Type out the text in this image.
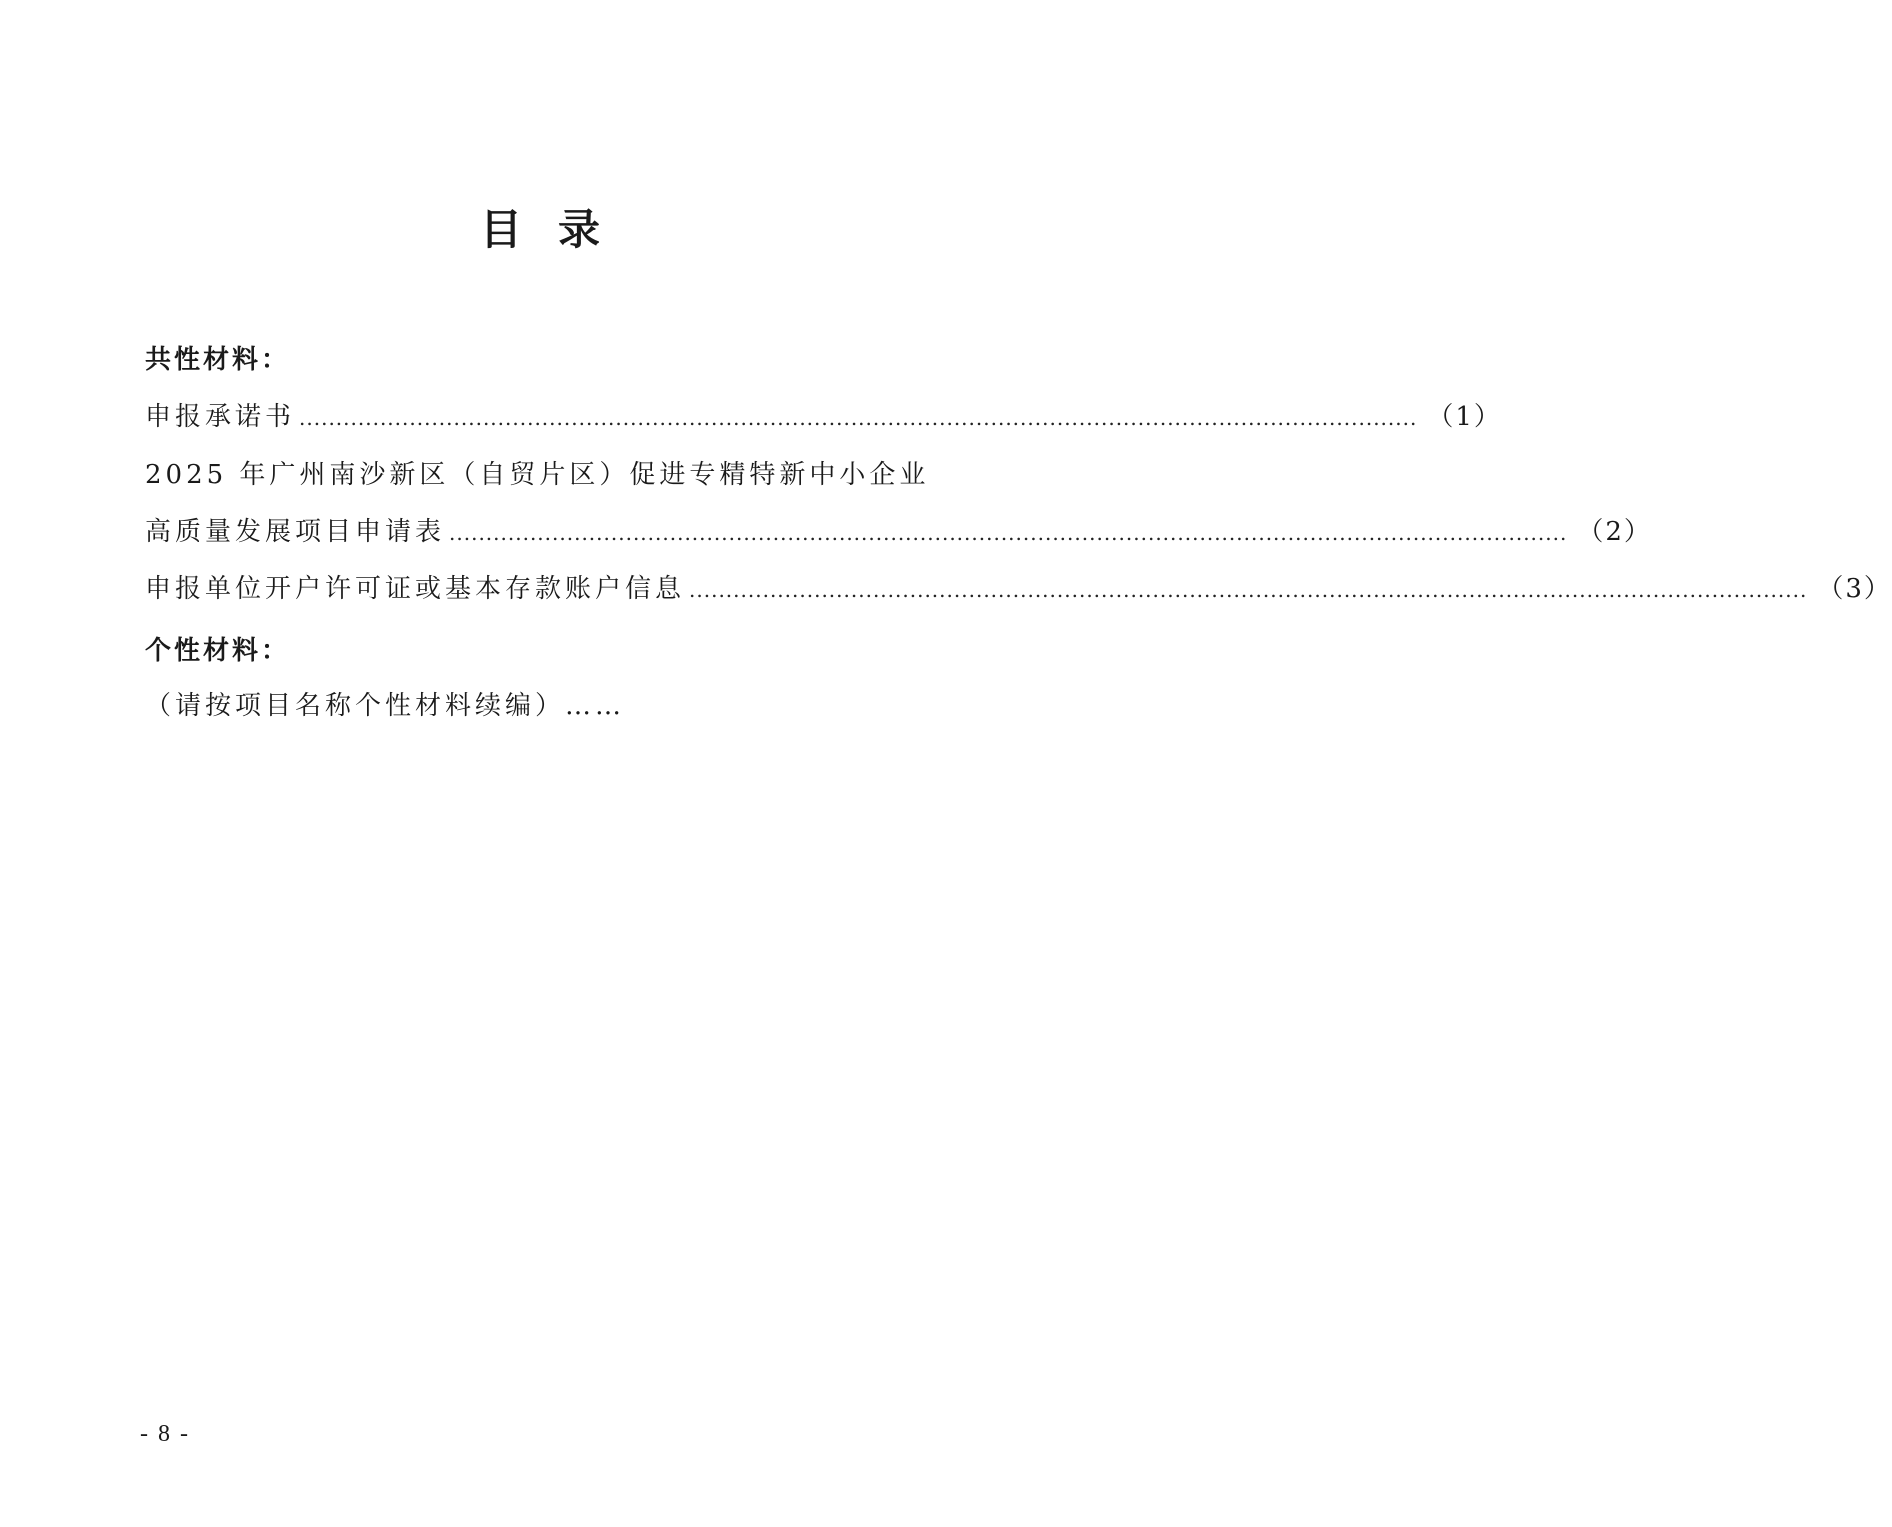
目录
共性材料：
申报承诺书 ........................................................................................................................................................ （1）
2025 年广州南沙新区（自贸片区）促进专精特新中小企业
高质量发展项目申请表 ........................................................................................................................................................ （2）
申报单位开户许可证或基本存款账户信息 ........................................................................................................................................................ （3）
个性材料：
（请按项目名称个性材料续编）……
- 8 -
